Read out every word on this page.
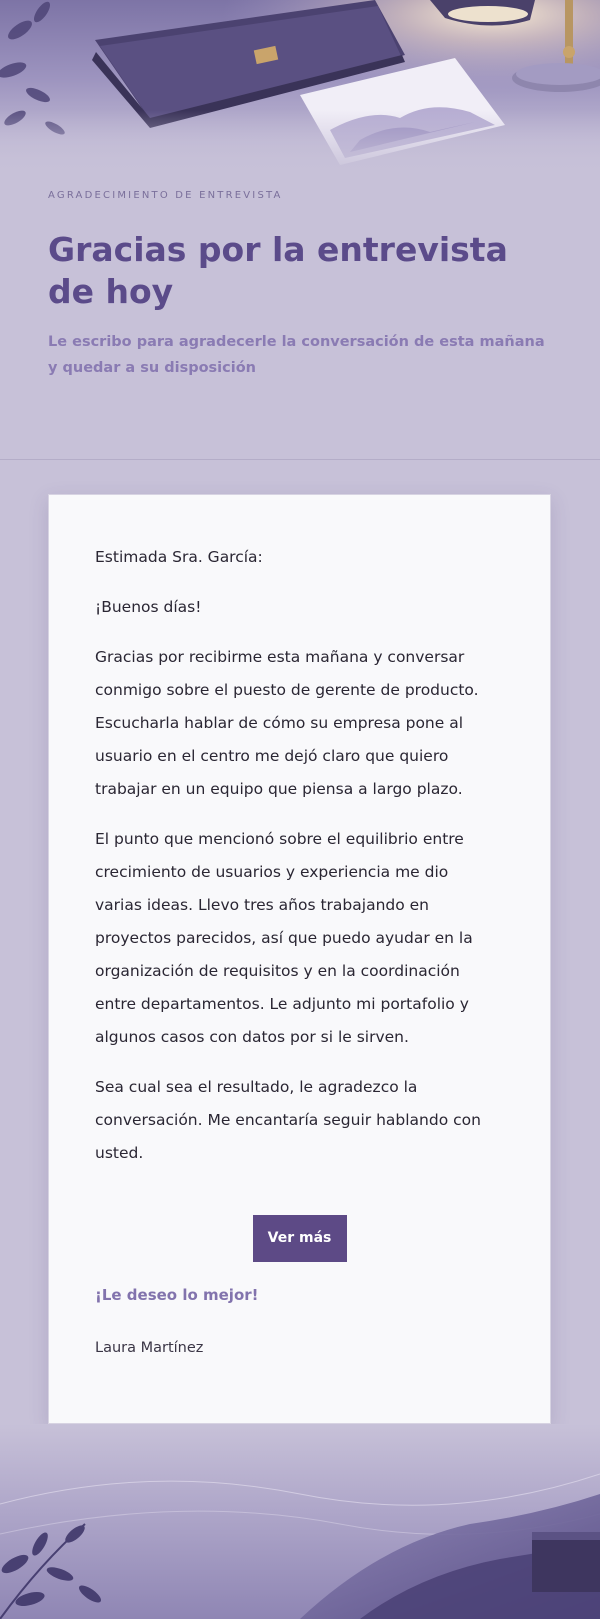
AGRADECIMIENTO DE ENTREVISTA
Gracias por la entrevista de hoy

Le escribo para agradecerle la conversación de esta mañana y quedar a su disposición

Estimada Sra. García:

¡Buenos días!

Gracias por recibirme esta mañana y conversar conmigo sobre el puesto de gerente de producto. Escucharla hablar de cómo su empresa pone al usuario en el centro me dejó claro que quiero trabajar en un equipo que piensa a largo plazo.

El punto que mencionó sobre el equilibrio entre crecimiento de usuarios y experiencia me dio varias ideas. Llevo tres años trabajando en proyectos parecidos, así que puedo ayudar en la organización de requisitos y en la coordinación entre departamentos. Le adjunto mi portafolio y algunos casos con datos por si le sirven.

Sea cual sea el resultado, le agradezco la conversación. Me encantaría seguir hablando con usted.

Ver más

¡Le deseo lo mejor!

Laura Martínez
